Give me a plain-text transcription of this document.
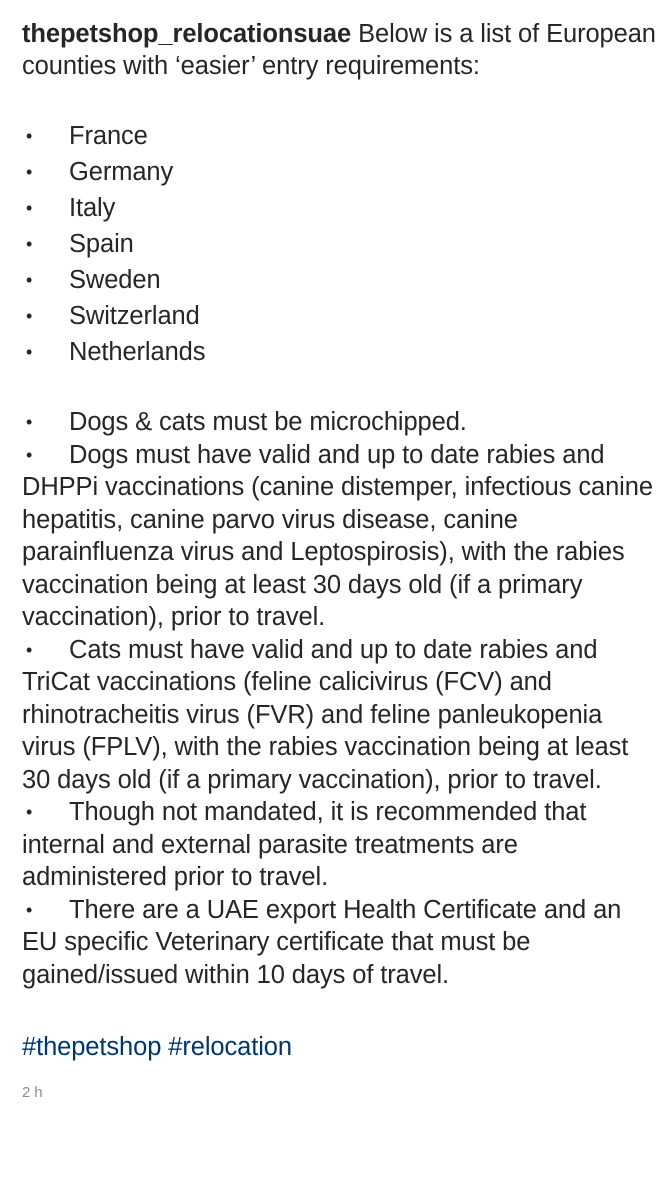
thepetshop_relocationsuae Below is a list of European counties with ‘easier’ entry requirements:

• France
• Germany
• Italy
• Spain
• Sweden
• Switzerland
• Netherlands
• Dogs & cats must be microchipped.
• Dogs must have valid and up to date rabies and DHPPi vaccinations (canine distemper, infectious canine hepatitis, canine parvo virus disease, canine parainfluenza virus and Leptospirosis), with the rabies vaccination being at least 30 days old (if a primary vaccination), prior to travel.
• Cats must have valid and up to date rabies and TriCat vaccinations (feline calicivirus (FCV) and rhinotracheitis virus (FVR) and feline panleukopenia virus (FPLV), with the rabies vaccination being at least 30 days old (if a primary vaccination), prior to travel.
• Though not mandated, it is recommended that internal and external parasite treatments are administered prior to travel.
• There are a UAE export Health Certificate and an EU specific Veterinary certificate that must be gained/issued within 10 days of travel.
#thepetshop #relocation
2 h
